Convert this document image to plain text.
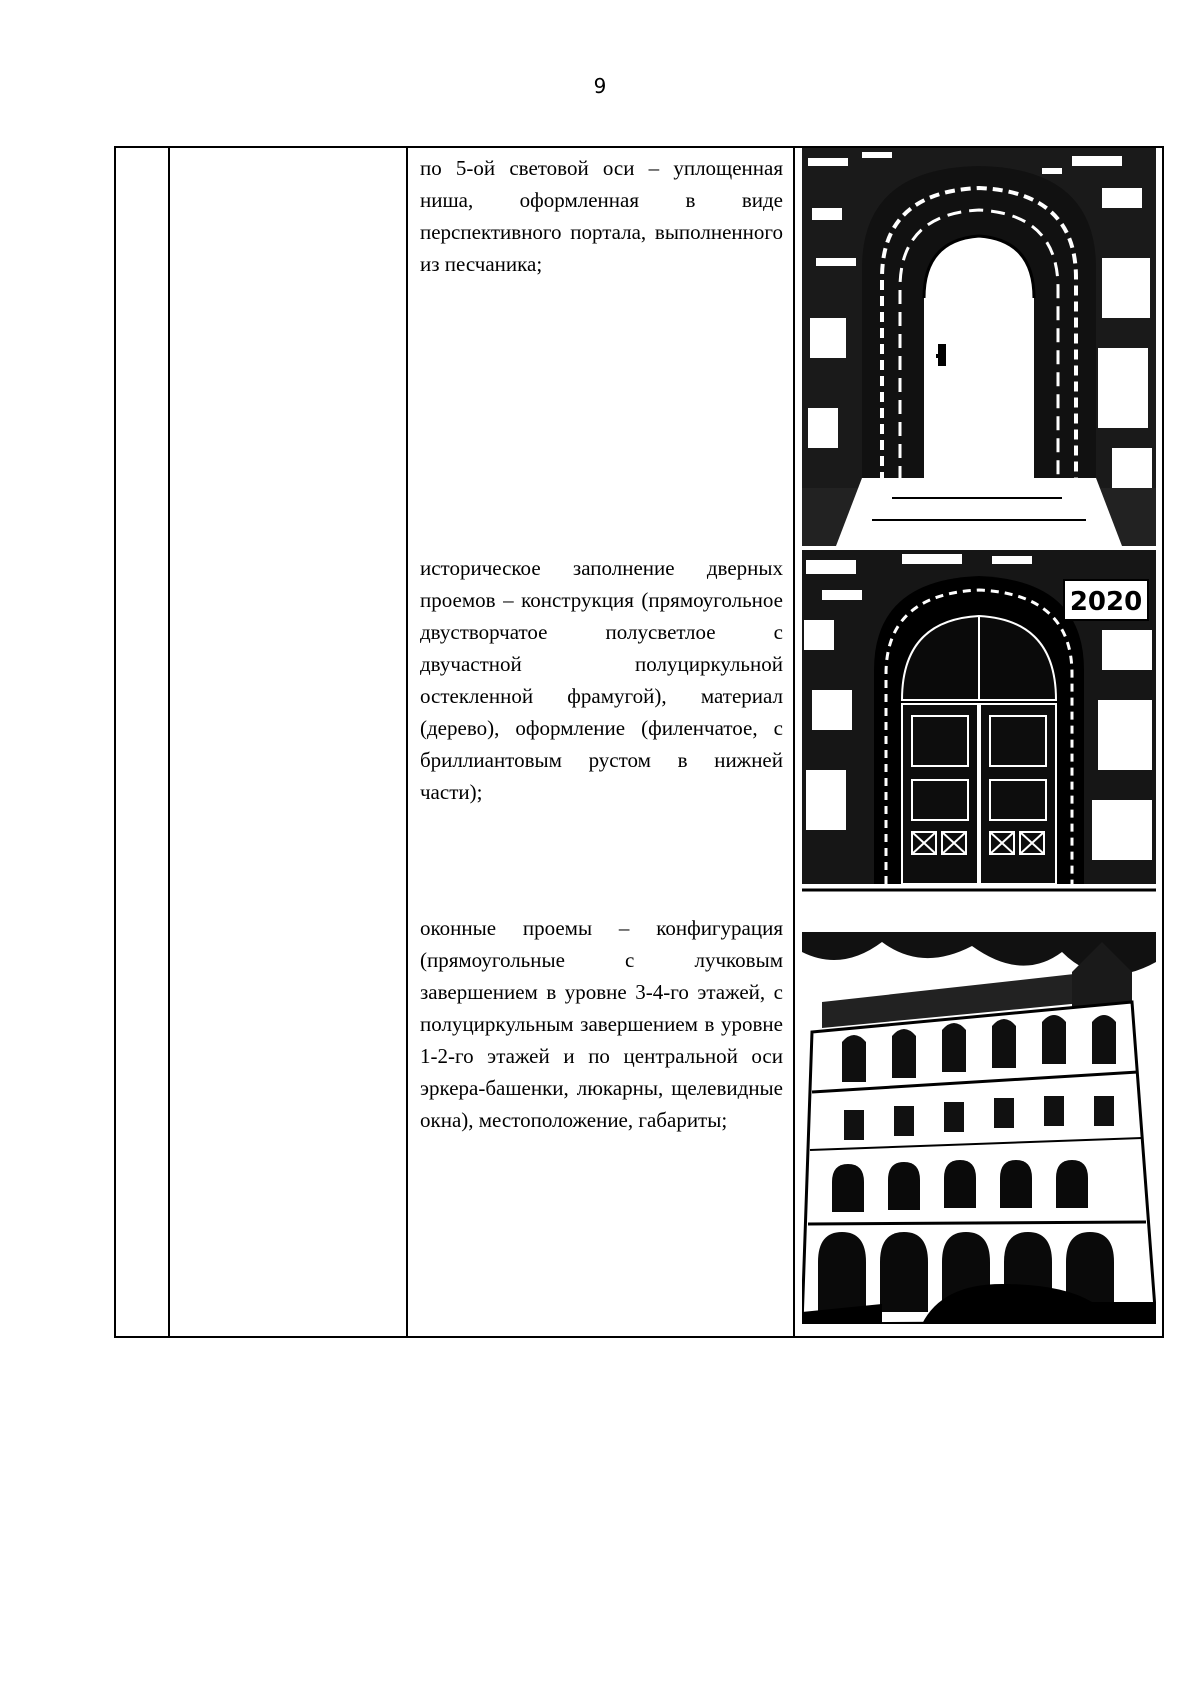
9

по 5-ой световой оси – уплощенная ниша, оформленная в виде перспективного портала, выполненного из песчаника;

историческое заполнение дверных проемов – конструкция (прямоугольное двустворчатое полусветлое с двучастной полуциркульной остекленной фрамугой), материал (дерево), оформление (филенчатое, с бриллиантовым рустом в нижней части);

оконные проемы – конфигурация (прямоугольные с лучковым завершением в уровне 3-4-го этажей, с полуциркульным завершением в уровне 1-2-го этажей и по центральной оси эркера-башенки, люкарны, щелевидные окна), местоположение, габариты;

2020
